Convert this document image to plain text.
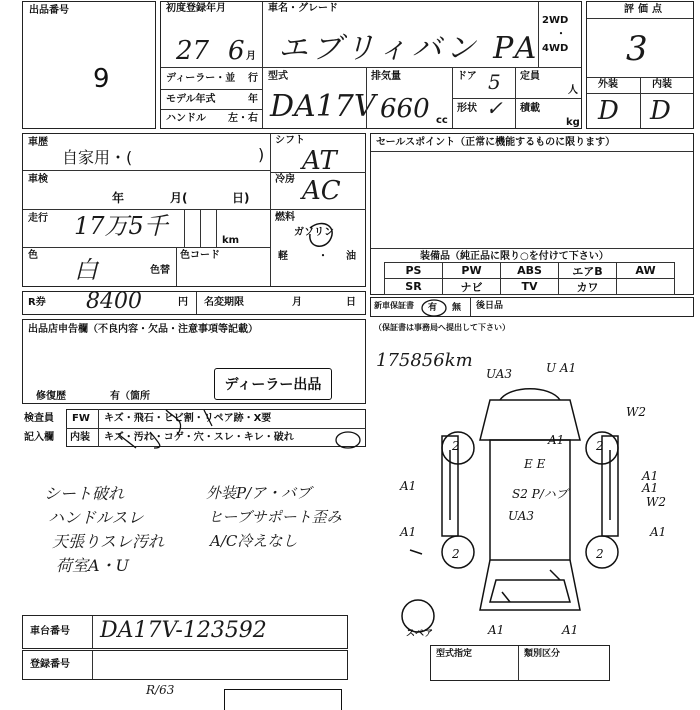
出品番号
9
初度登録年月
27 6 月
車名・グレード
エブリィバン PA
2WD
・
4WD
ディーラー・並 行
モデル年式	年
ハンドル 左・右
型式
DA17V
排気量
660 cc
ドア 5 定員
人
形状 ✓ 積載
kg
評価点
3
外装	内装
D D
車歴
自家用・(	)
車検
年	月(	日)
走行 17万5千
km
色
白	色替
色コード
シフト
AT
冷房 AC
燃料
ガソリン
軽	・ 油
セールスポイント（正常に機能するものに限ります）
装備品（純正品に限り○を付けて下さい）
PS	PW	ABS	エアB	AW
SR	ナビ	TV	カワ
R券 8400	円 名変期限	月	日 新車保証書 有 無 後日品
（保証書は事務局へ提出して下さい）
出品店申告欄（不良内容・欠品・注意事項等記載）
修復歴	有（箇所
ディーラー出品
検査員
記入欄
FW キズ・飛石・ヒビ割・リペア跡・X要
内装 キズ・汚れ・コゲ・穴・スレ・キレ・破れ
シート破れ
ハンドルスレ
天張りスレ汚れ
荷室A・U
外装P/ア・バブ
ヒーブサポート歪み
A/C冷えなし
175856km
UA3	U A1
W2
A1
A1
E E
S2 P/ハブ
UA3
A1
A1
W2
A1	A1
A1	A1
2	2
2	2
スペア
車台番号 DA17V-123592
登録番号
型式指定	類別区分
R/63
